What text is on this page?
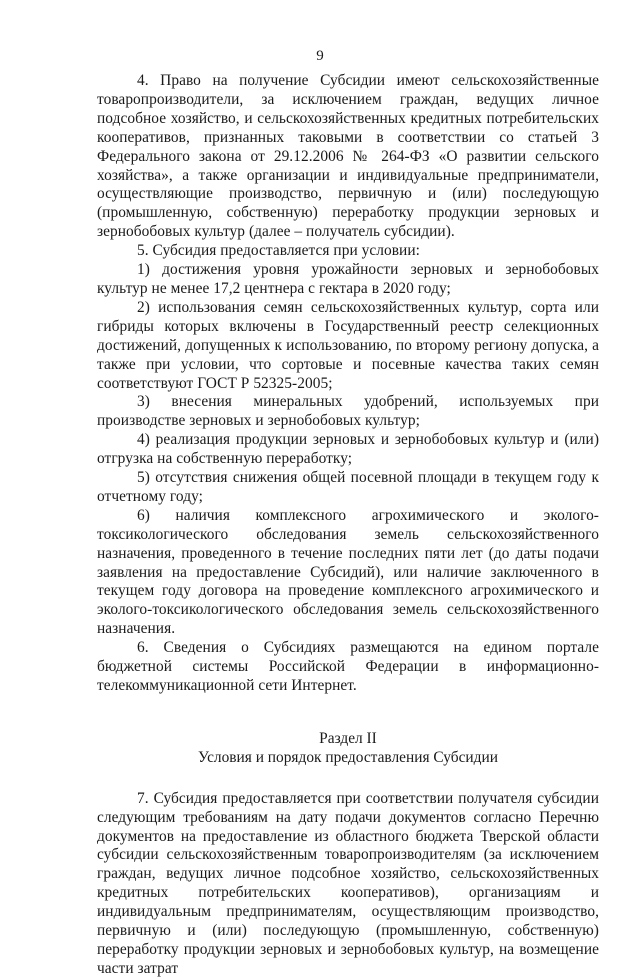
9

4. Право на получение Субсидии имеют сельскохозяйственные товаропроизводители, за исключением граждан, ведущих личное подсобное хозяйство, и сельскохозяйственных кредитных потребительских кооперативов, признанных таковыми в соответствии со статьей 3 Федерального закона от 29.12.2006 № 264-ФЗ «О развитии сельского хозяйства», а также организации и индивидуальные предприниматели, осуществляющие производство, первичную и (или) последующую (промышленную, собственную) переработку продукции зерновых и зернобобовых культур (далее – получатель субсидии).

5. Субсидия предоставляется при условии:

1) достижения уровня урожайности зерновых и зернобобовых культур не менее 17,2 центнера с гектара в 2020 году;

2) использования семян сельскохозяйственных культур, сорта или гибриды которых включены в Государственный реестр селекционных достижений, допущенных к использованию, по второму региону допуска, а также при условии, что сортовые и посевные качества таких семян соответствуют ГОСТ Р 52325-2005;

3) внесения минеральных удобрений, используемых при производстве зерновых и зернобобовых культур;

4) реализация продукции зерновых и зернобобовых культур и (или) отгрузка на собственную переработку;

5) отсутствия снижения общей посевной площади в текущем году к отчетному году;

6) наличия комплексного агрохимического и эколого-токсикологического обследования земель сельскохозяйственного назначения, проведенного в течение последних пяти лет (до даты подачи заявления на предоставление Субсидий), или наличие заключенного в текущем году договора на проведение комплексного агрохимического и эколого-токсикологического обследования земель сельскохозяйственного назначения.

6. Сведения о Субсидиях размещаются на едином портале бюджетной системы Российской Федерации в информационно-телекоммуникационной сети Интернет.

Раздел II
Условия и порядок предоставления Субсидии

7. Субсидия предоставляется при соответствии получателя субсидии следующим требованиям на дату подачи документов согласно Перечню документов на предоставление из областного бюджета Тверской области субсидии сельскохозяйственным товаропроизводителям (за исключением граждан, ведущих личное подсобное хозяйство, сельскохозяйственных кредитных потребительских кооперативов), организациям и индивидуальным предпринимателям, осуществляющим производство, первичную и (или) последующую (промышленную, собственную) переработку продукции зерновых и зернобобовых культур, на возмещение части затрат
